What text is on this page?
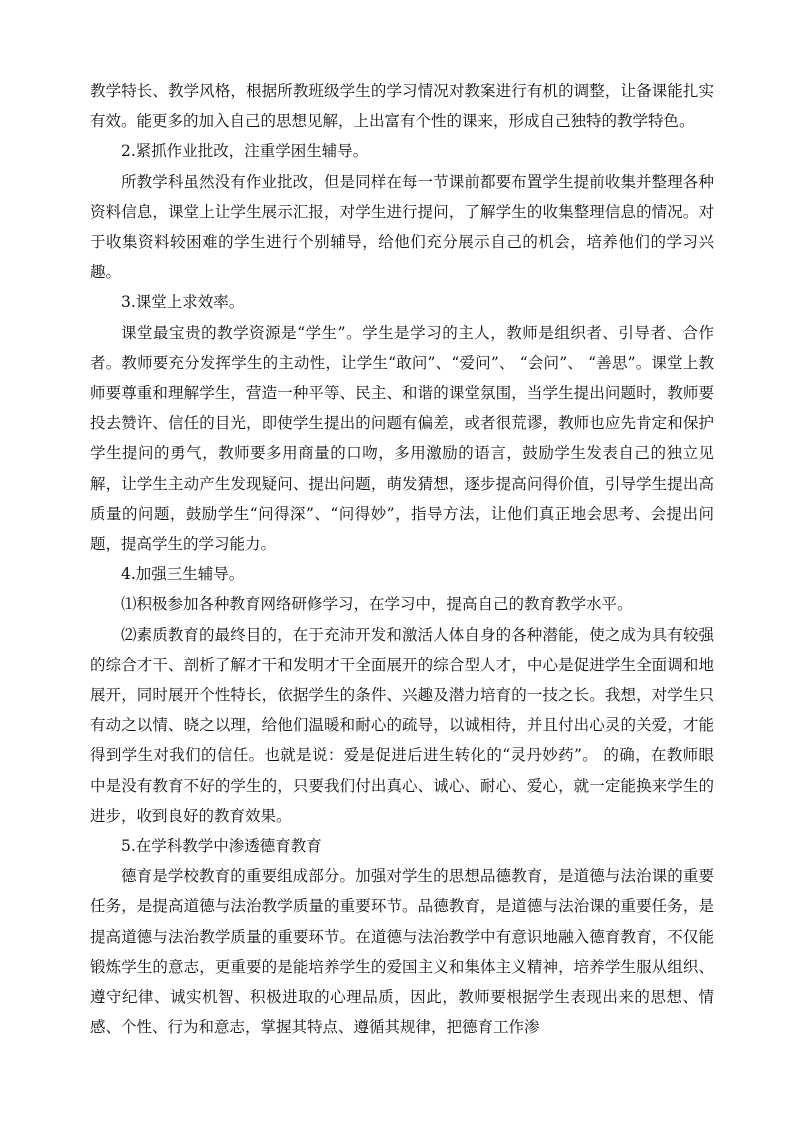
教学特长、教学风格，根据所教班级学生的学习情况对教案进行有机的调整，让备课能扎实有效。能更多的加入自己的思想见解，上出富有个性的课来，形成自己独特的教学特色。

2.紧抓作业批改，注重学困生辅导。

所教学科虽然没有作业批改，但是同样在每一节课前都要布置学生提前收集并整理各种资料信息，课堂上让学生展示汇报，对学生进行提问，了解学生的收集整理信息的情况。对于收集资料较困难的学生进行个别辅导，给他们充分展示自己的机会，培养他们的学习兴趣。

3.课堂上求效率。

课堂最宝贵的教学资源是“学生”。学生是学习的主人，教师是组织者、引导者、合作者。教师要充分发挥学生的主动性，让学生“敢问”、“爱问”、 “会问”、 “善思”。课堂上教师要尊重和理解学生，营造一种平等、民主、和谐的课堂氛围，当学生提出问题时，教师要投去赞许、信任的目光，即使学生提出的问题有偏差，或者很荒谬，教师也应先肯定和保护学生提问的勇气，教师要多用商量的口吻，多用激励的语言，鼓励学生发表自己的独立见解，让学生主动产生发现疑问、提出问题，萌发猜想，逐步提高问得价值，引导学生提出高质量的问题，鼓励学生“问得深”、“问得妙”，指导方法，让他们真正地会思考、会提出问题，提高学生的学习能力。

4.加强三生辅导。

⑴积极参加各种教育网络研修学习，在学习中，提高自己的教育教学水平。

⑵素质教育的最终目的，在于充沛开发和激活人体自身的各种潜能，使之成为具有较强的综合才干、剖析了解才干和发明才干全面展开的综合型人才，中心是促进学生全面调和地展开，同时展开个性特长，依据学生的条件、兴趣及潜力培育的一技之长。我想，对学生只有动之以情、晓之以理，给他们温暖和耐心的疏导，以诚相待，并且付出心灵的关爱，才能得到学生对我们的信任。也就是说：爱是促进后进生转化的“灵丹妙药”。 的确，在教师眼中是没有教育不好的学生的，只要我们付出真心、诚心、耐心、爱心，就一定能换来学生的进步，收到良好的教育效果。

5.在学科教学中渗透德育教育

德育是学校教育的重要组成部分。加强对学生的思想品德教育，是道德与法治课的重要任务，是提高道德与法治教学质量的重要环节。品德教育，是道德与法治课的重要任务，是提高道德与法治教学质量的重要环节。在道德与法治教学中有意识地融入德育教育，不仅能锻炼学生的意志，更重要的是能培养学生的爱国主义和集体主义精神，培养学生服从组织、遵守纪律、诚实机智、积极进取的心理品质，因此，教师要根据学生表现出来的思想、情感、个性、行为和意志，掌握其特点、遵循其规律，把德育工作渗
